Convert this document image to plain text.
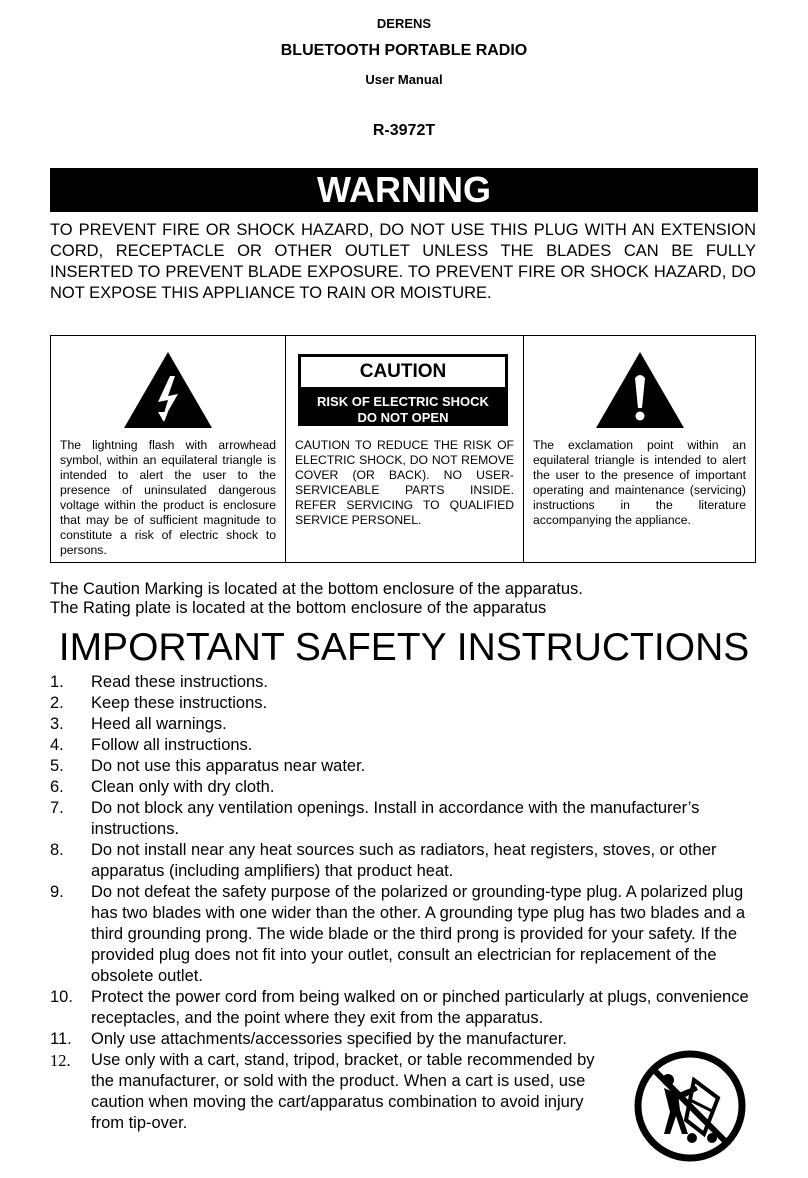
DERENS
BLUETOOTH PORTABLE RADIO
User Manual
R-3972T
WARNING
TO PREVENT FIRE OR SHOCK HAZARD, DO NOT USE THIS PLUG WITH AN EXTENSION CORD, RECEPTACLE OR OTHER OUTLET UNLESS THE BLADES CAN BE FULLY INSERTED TO PREVENT BLADE EXPOSURE. TO PREVENT FIRE OR SHOCK HAZARD, DO NOT EXPOSE THIS APPLIANCE TO RAIN OR MOISTURE.

The lightning flash with arrowhead symbol, within an equilateral triangle is intended to alert the user to the presence of uninsulated dangerous voltage within the product is enclosure that may be of sufficient magnitude to constitute a risk of electric shock to persons.

CAUTION
RISK OF ELECTRIC SHOCK
DO NOT OPEN

CAUTION TO REDUCE THE RISK OF ELECTRIC SHOCK, DO NOT REMOVE COVER (OR BACK). NO USER-SERVICEABLE PARTS INSIDE. REFER SERVICING TO QUALIFIED SERVICE PERSONEL.

The exclamation point within an equilateral triangle is intended to alert the user to the presence of important operating and maintenance (servicing) instructions in the literature accompanying the appliance.

The Caution Marking is located at the bottom enclosure of the apparatus.
The Rating plate is located at the bottom enclosure of the apparatus
IMPORTANT SAFETY INSTRUCTIONS
1. Read these instructions.
2. Keep these instructions.
3. Heed all warnings.
4. Follow all instructions.
5. Do not use this apparatus near water.
6. Clean only with dry cloth.
7. Do not block any ventilation openings. Install in accordance with the manufacturer’s instructions.
8. Do not install near any heat sources such as radiators, heat registers, stoves, or other apparatus (including amplifiers) that product heat.
9. Do not defeat the safety purpose of the polarized or grounding-type plug. A polarized plug has two blades with one wider than the other. A grounding type plug has two blades and a third grounding prong. The wide blade or the third prong is provided for your safety. If the provided plug does not fit into your outlet, consult an electrician for replacement of the obsolete outlet.
10. Protect the power cord from being walked on or pinched particularly at plugs, convenience receptacles, and the point where they exit from the apparatus.
11. Only use attachments/accessories specified by the manufacturer.
12. Use only with a cart, stand, tripod, bracket, or table recommended by the manufacturer, or sold with the product. When a cart is used, use caution when moving the cart/apparatus combination to avoid injury from tip-over.
